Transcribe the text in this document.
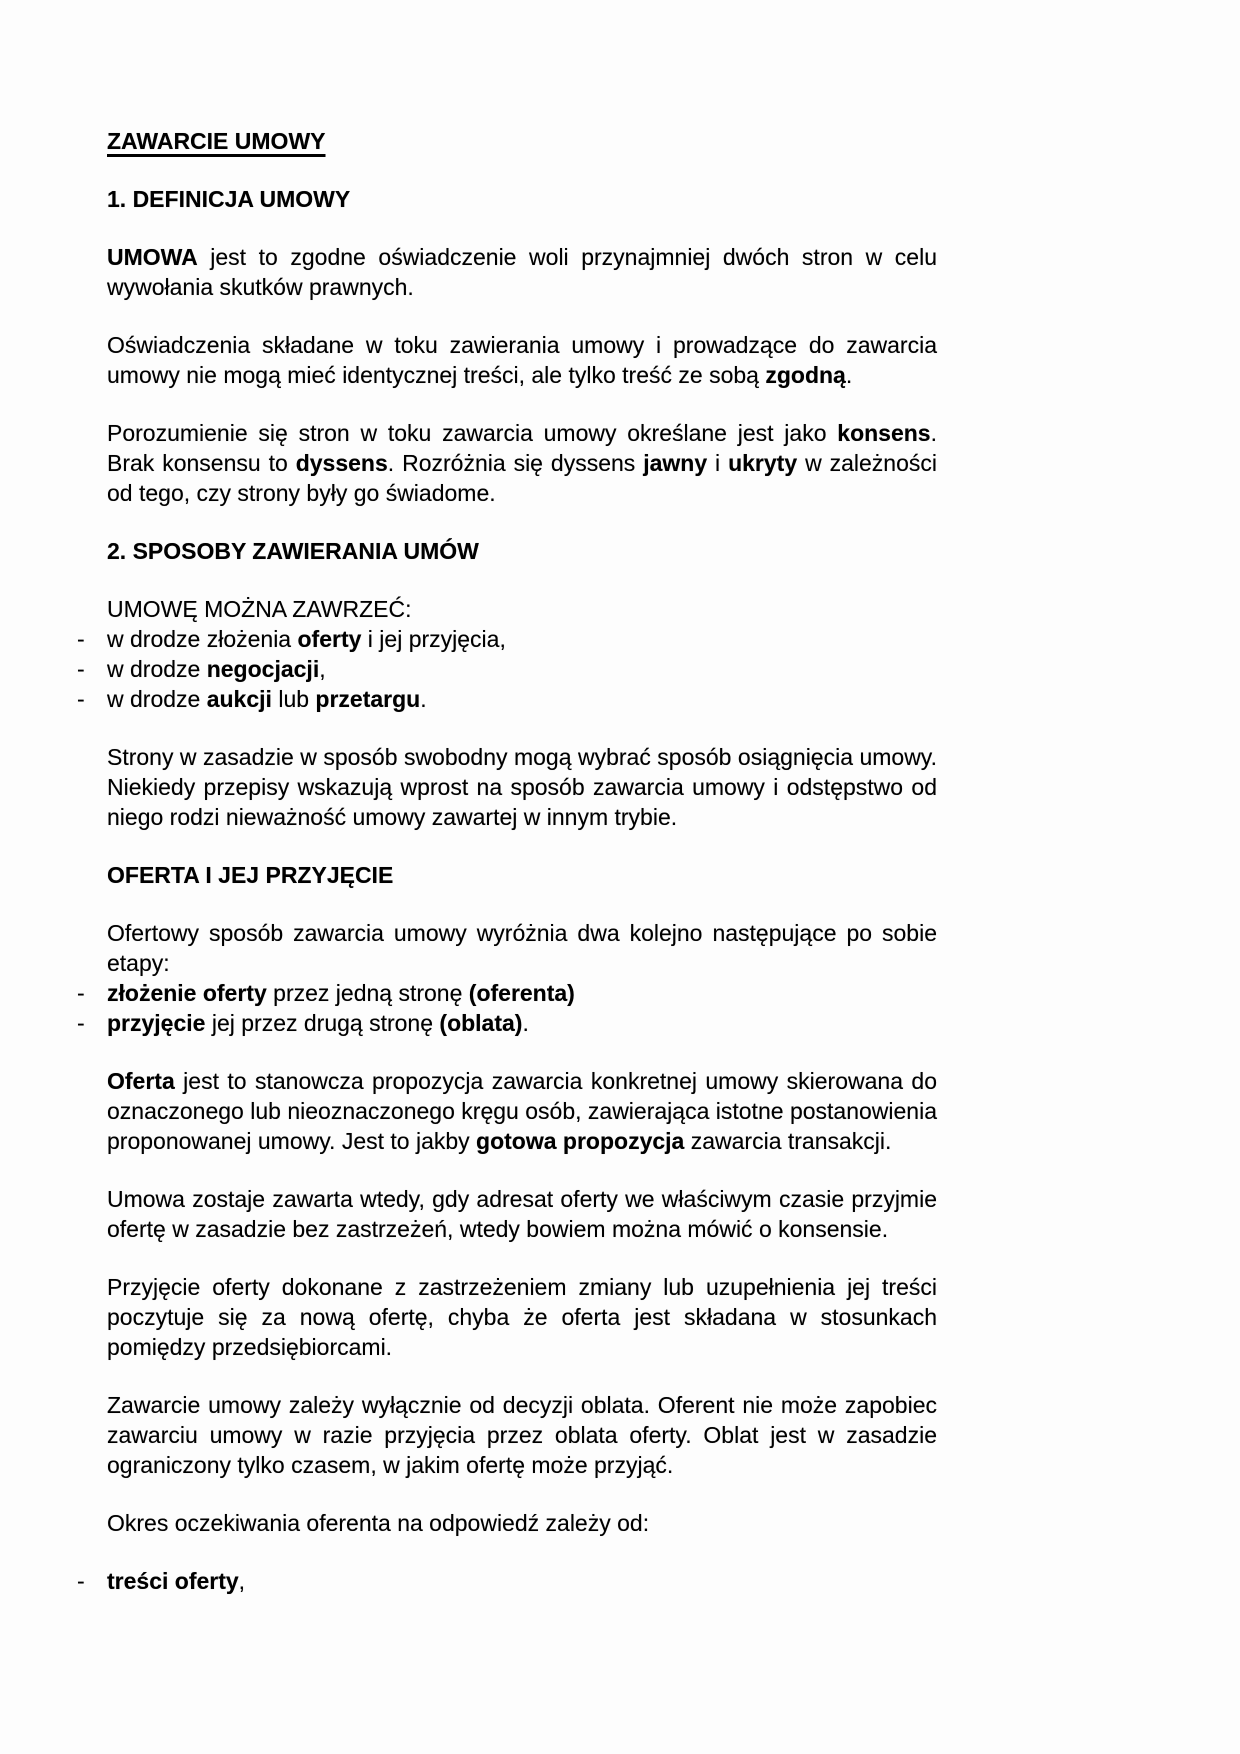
ZAWARCIE UMOWY
1. DEFINICJA UMOWY
UMOWA jest to zgodne oświadczenie woli przynajmniej dwóch stron w celu wywołania skutków prawnych.
Oświadczenia składane w toku zawierania umowy i prowadzące do zawarcia umowy nie mogą mieć identycznej treści, ale tylko treść ze sobą zgodną.
Porozumienie się stron w toku zawarcia umowy określane jest jako konsens. Brak konsensu to dyssens. Rozróżnia się dyssens jawny i ukryty w zależności od tego, czy strony były go świadome.
2. SPOSOBY ZAWIERANIA UMÓW
UMOWĘ MOŻNA ZAWRZEĆ:
- w drodze złożenia oferty i jej przyjęcia,
- w drodze negocjacji,
- w drodze aukcji lub przetargu.
Strony w zasadzie w sposób swobodny mogą wybrać sposób osiągnięcia umowy. Niekiedy przepisy wskazują wprost na sposób zawarcia umowy i odstępstwo od niego rodzi nieważność umowy zawartej w innym trybie.
OFERTA I JEJ PRZYJĘCIE
Ofertowy sposób zawarcia umowy wyróżnia dwa kolejno następujące po sobie etapy:
- złożenie oferty przez jedną stronę (oferenta)
- przyjęcie jej przez drugą stronę (oblata).
Oferta jest to stanowcza propozycja zawarcia konkretnej umowy skierowana do oznaczonego lub nieoznaczonego kręgu osób, zawierająca istotne postanowienia proponowanej umowy. Jest to jakby gotowa propozycja zawarcia transakcji.
Umowa zostaje zawarta wtedy, gdy adresat oferty we właściwym czasie przyjmie ofertę w zasadzie bez zastrzeżeń, wtedy bowiem można mówić o konsensie.
Przyjęcie oferty dokonane z zastrzeżeniem zmiany lub uzupełnienia jej treści poczytuje się za nową ofertę, chyba że oferta jest składana w stosunkach pomiędzy przedsiębiorcami.
Zawarcie umowy zależy wyłącznie od decyzji oblata. Oferent nie może zapobiec zawarciu umowy w razie przyjęcia przez oblata oferty. Oblat jest w zasadzie ograniczony tylko czasem, w jakim ofertę może przyjąć.
Okres oczekiwania oferenta na odpowiedź zależy od:
- treści oferty,
